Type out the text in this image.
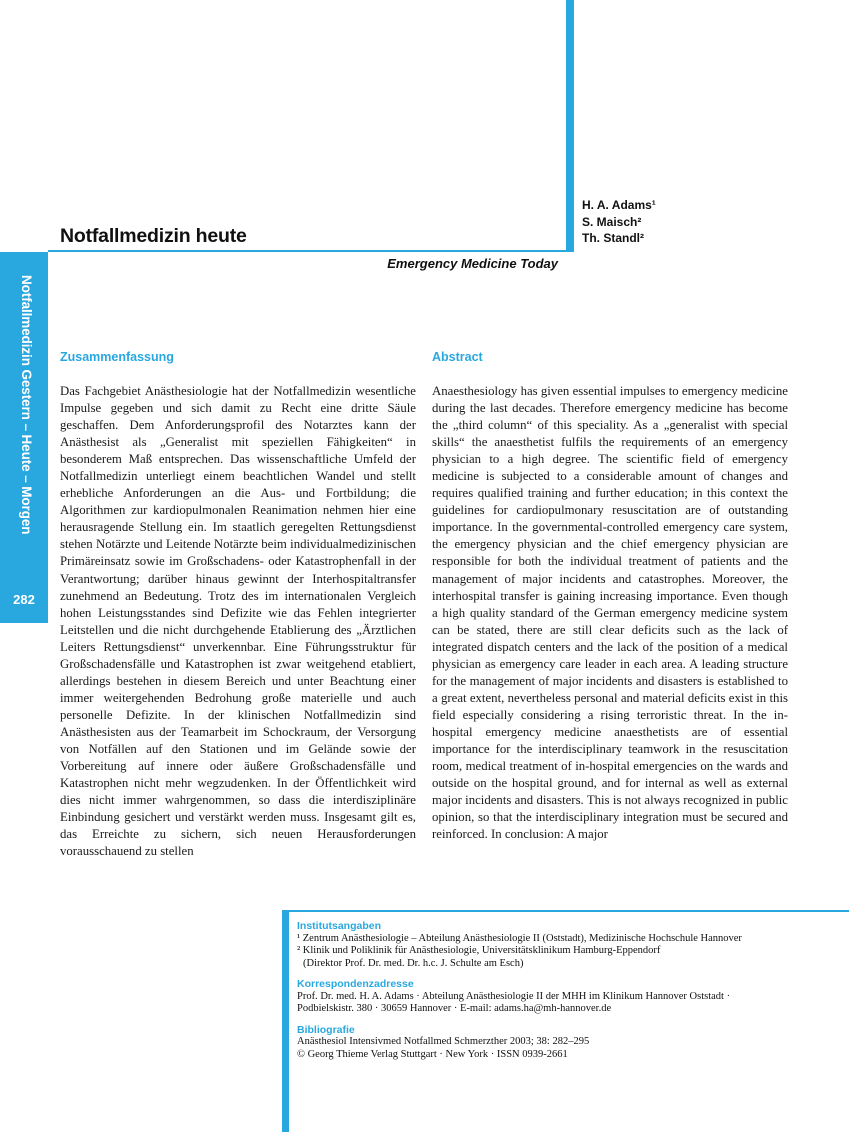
Notfallmedizin heute
H. A. Adams¹
S. Maisch²
Th. Standl²
Emergency Medicine Today
Notfallmedizin Gestern – Heute – Morgen
282
Zusammenfassung	Abstract

Das Fachgebiet Anästhesiologie hat der Notfallmedizin wesentliche Impulse gegeben und sich damit zu Recht eine dritte Säule geschaffen. Dem Anforderungsprofil des Notarztes kann der Anästhesist als „Generalist mit speziellen Fähigkeiten“ in besonderem Maß entsprechen. Das wissenschaftliche Umfeld der Notfallmedizin unterliegt einem beachtlichen Wandel und stellt erhebliche Anforderungen an die Aus- und Fortbildung; die Algorithmen zur kardiopulmonalen Reanimation nehmen hier eine herausragende Stellung ein. Im staatlich geregelten Rettungsdienst stehen Notärzte und Leitende Notärzte beim individualmedizinischen Primäreinsatz sowie im Großschadens- oder Katastrophenfall in der Verantwortung; darüber hinaus gewinnt der Interhospitaltransfer zunehmend an Bedeutung. Trotz des im internationalen Vergleich hohen Leistungsstandes sind Defizite wie das Fehlen integrierter Leitstellen und die nicht durchgehende Etablierung des „Ärztlichen Leiters Rettungsdienst“ unverkennbar. Eine Führungsstruktur für Großschadensfälle und Katastrophen ist zwar weitgehend etabliert, allerdings bestehen in diesem Bereich und unter Beachtung einer immer weitergehenden Bedrohung große materielle und auch personelle Defizite. In der klinischen Notfallmedizin sind Anästhesisten aus der Teamarbeit im Schockraum, der Versorgung von Notfällen auf den Stationen und im Gelände sowie der Vorbereitung auf innere oder äußere Großschadensfälle und Katastrophen nicht mehr wegzudenken. In der Öffentlichkeit wird dies nicht immer wahrgenommen, so dass die interdisziplinäre Einbindung gesichert und verstärkt werden muss. Insgesamt gilt es, das Erreichte zu sichern, sich neuen Herausforderungen vorausschauend zu stellen

Anaesthesiology has given essential impulses to emergency medicine during the last decades. Therefore emergency medicine has become the „third column“ of this speciality. As a „generalist with special skills“ the anaesthetist fulfils the requirements of an emergency physician to a high degree. The scientific field of emergency medicine is subjected to a considerable amount of changes and requires qualified training and further education; in this context the guidelines for cardiopulmonary resuscitation are of outstanding importance. In the governmental-controlled emergency care system, the emergency physician and the chief emergency physician are responsible for both the individual treatment of patients and the management of major incidents and catastrophes. Moreover, the interhospital transfer is gaining increasing importance. Even though a high quality standard of the German emergency medicine system can be stated, there are still clear deficits such as the lack of integrated dispatch centers and the lack of the position of a medical physician as emergency care leader in each area. A leading structure for the management of major incidents and disasters is established to a great extent, nevertheless personal and material deficits exist in this field especially considering a rising terroristic threat. In the in-hospital emergency medicine anaesthetists are of essential importance for the interdisciplinary teamwork in the resuscitation room, medical treatment of in-hospital emergencies on the wards and outside on the hospital ground, and for internal as well as external major incidents and disasters. This is not always recognized in public opinion, so that the interdisciplinary integration must be secured and reinforced. In conclusion: A major

Institutsangaben
¹ Zentrum Anästhesiologie – Abteilung Anästhesiologie II (Oststadt), Medizinische Hochschule Hannover
² Klinik und Poliklinik für Anästhesiologie, Universitätsklinikum Hamburg-Eppendorf
(Direktor Prof. Dr. med. Dr. h.c. J. Schulte am Esch)
Korrespondenzadresse
Prof. Dr. med. H. A. Adams · Abteilung Anästhesiologie II der MHH im Klinikum Hannover Oststadt ·
Podbielskistr. 380 · 30659 Hannover · E-mail: adams.ha@mh-hannover.de
Bibliografie
Anästhesiol Intensivmed Notfallmed Schmerzther 2003; 38: 282–295
© Georg Thieme Verlag Stuttgart · New York · ISSN 0939-2661
